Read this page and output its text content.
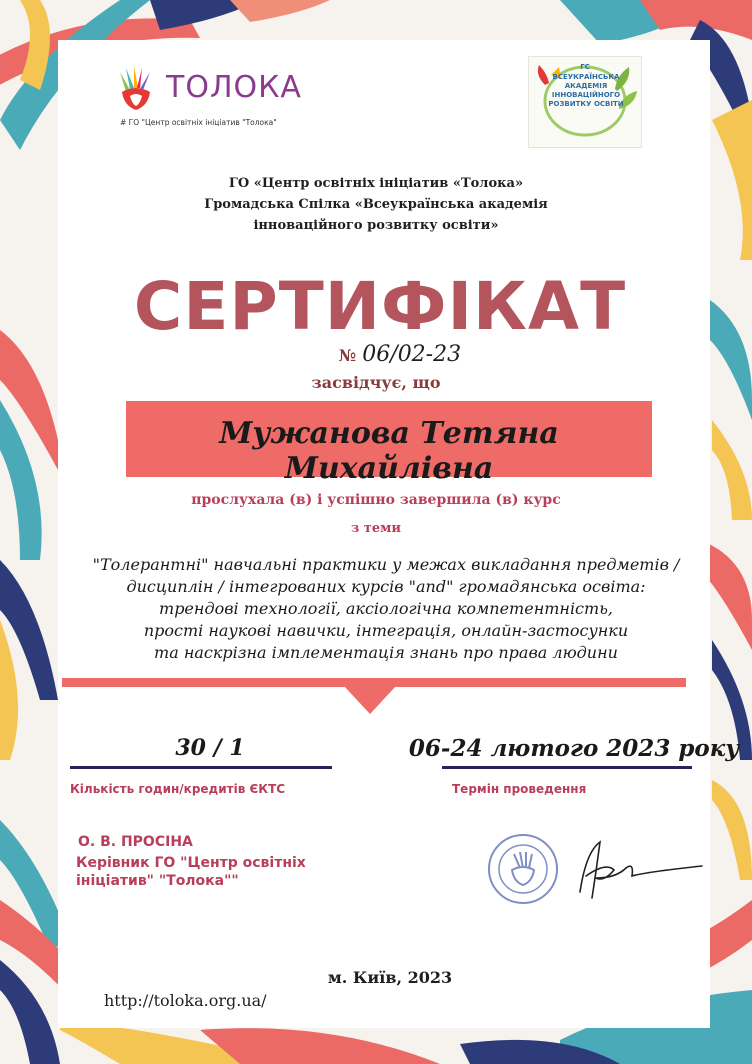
ТОЛОКА
# ГО "Центр освітніх ініціатив "Толока"
ГС
ВСЕУКРАЇНСЬКА АКАДЕМІЯ ІННОВАЦІЙНОГО РОЗВИТКУ ОСВІТИ
ГО «Центр освітніх ініціатив «Толока»
Громадська Спілка «Всеукраїнська академія
інноваційного розвитку освіти»
СЕРТИФІКАТ
№ 06/02-23
засвідчує, що
Мужанова Тетяна Михайлівна
прослухала (в) і успішно завершила (в) курс
з теми
"Толерантні" навчальні практики у межах викладання предметів /
дисциплін / інтегрованих курсів "and" громадянська освіта:
трендові технології, аксіологічна компетентність,
прості наукові навички, інтеграція, онлайн-застосунки
та наскрізна імплементація знань про права людини
30 / 1
Кількість годин/кредитів ЄКТС
06-24 лютого 2023 року
Термін проведення
О. В. ПРОСІНА
Керівник ГО "Центр освітніх
ініціатив" "Толока""
м. Київ, 2023
http://toloka.org.ua/
